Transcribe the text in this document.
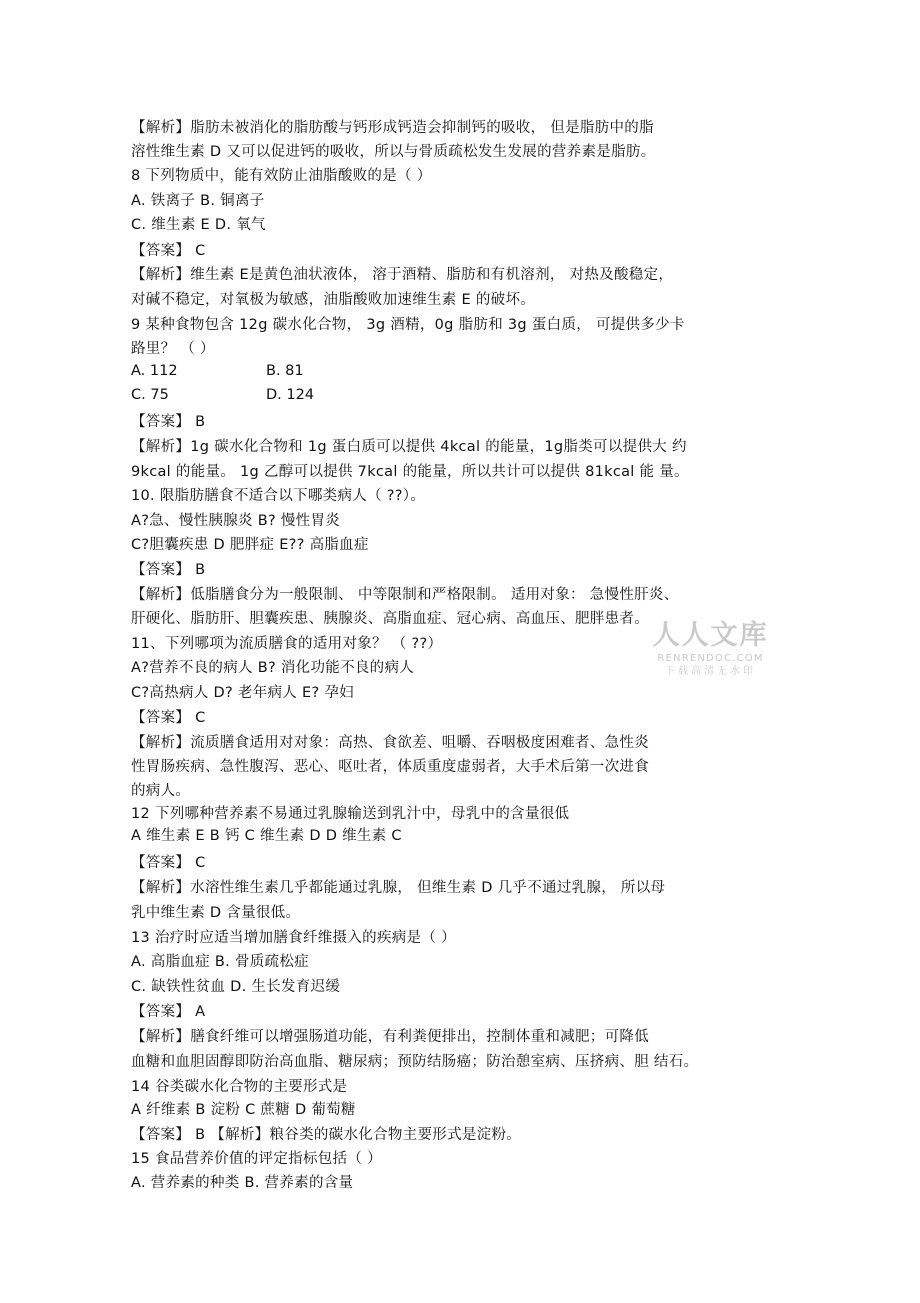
【解析】脂肪未被消化的脂肪酸与钙形成钙造会抑制钙的吸收， 但是脂肪中的脂
溶性维生素 D 又可以促进钙的吸收，所以与骨质疏松发生发展的营养素是脂肪。
8 下列物质中，能有效防止油脂酸败的是（ ）
A. 铁离子 B. 铜离子
C. 维生素 E D. 氧气
【答案】 C
【解析】维生素 E是黄色油状液体， 溶于酒精、脂肪和有机溶剂， 对热及酸稳定，
对碱不稳定，对氧极为敏感，油脂酸败加速维生素 E 的破坏。
9 某种食物包含 12g 碳水化合物， 3g 酒精，0g 脂肪和 3g 蛋白质， 可提供多少卡
路里？ （ ）
【答案】 B
【解析】1g 碳水化合物和 1g 蛋白质可以提供 4kcal 的能量，1g脂类可以提供大 约
9kcal 的能量。 1g 乙醇可以提供 7kcal 的能量，所以共计可以提供 81kcal 能 量。
10. 限脂肪膳食不适合以下哪类病人（ ??）。
A?急、慢性胰腺炎 B? 慢性胃炎
C?胆囊疾患 D 肥胖症 E?? 高脂血症
【答案】 B
【解析】低脂膳食分为一般限制、 中等限制和严格限制。 适用对象： 急慢性肝炎、
肝硬化、脂肪肝、胆囊疾患、胰腺炎、高脂血症、冠心病、高血压、肥胖患者。
11、下列哪项为流质膳食的适用对象？ （ ??）
A?营养不良的病人 B? 消化功能不良的病人
C?高热病人 D? 老年病人 E? 孕妇
【答案】 C
【解析】流质膳食适用对对象：高热、食欲差、咀嚼、吞咽极度困难者、急性炎
性胃肠疾病、急性腹泻、恶心、呕吐者，体质重度虚弱者，大手术后第一次进食
的病人。
12 下列哪种营养素不易通过乳腺输送到乳汁中，母乳中的含量很低
A 维生素 E B 钙 C 维生素 D D 维生素 C
【答案】 C
【解析】水溶性维生素几乎都能通过乳腺， 但维生素 D 几乎不通过乳腺， 所以母
乳中维生素 D 含量很低。
13 治疗时应适当增加膳食纤维摄入的疾病是（ ）
A. 高脂血症 B. 骨质疏松症
C. 缺铁性贫血 D. 生长发育迟缓
【答案】 A
【解析】膳食纤维可以增强肠道功能，有利粪便排出，控制体重和减肥；可降低
血糖和血胆固醇即防治高血脂、糖尿病；预防结肠癌；防治憩室病、压挤病、胆 结石。
14 谷类碳水化合物的主要形式是
A 纤维素 B 淀粉 C 蔗糖 D 葡萄糖
【答案】 B 【解析】粮谷类的碳水化合物主要形式是淀粉。
15 食品营养价值的评定指标包括（ ）
A. 营养素的种类 B. 营养素的含量
A. 112	B. 81
C. 75	D. 124
人人文库
RENRENDOC.COM
下载高清无水印
